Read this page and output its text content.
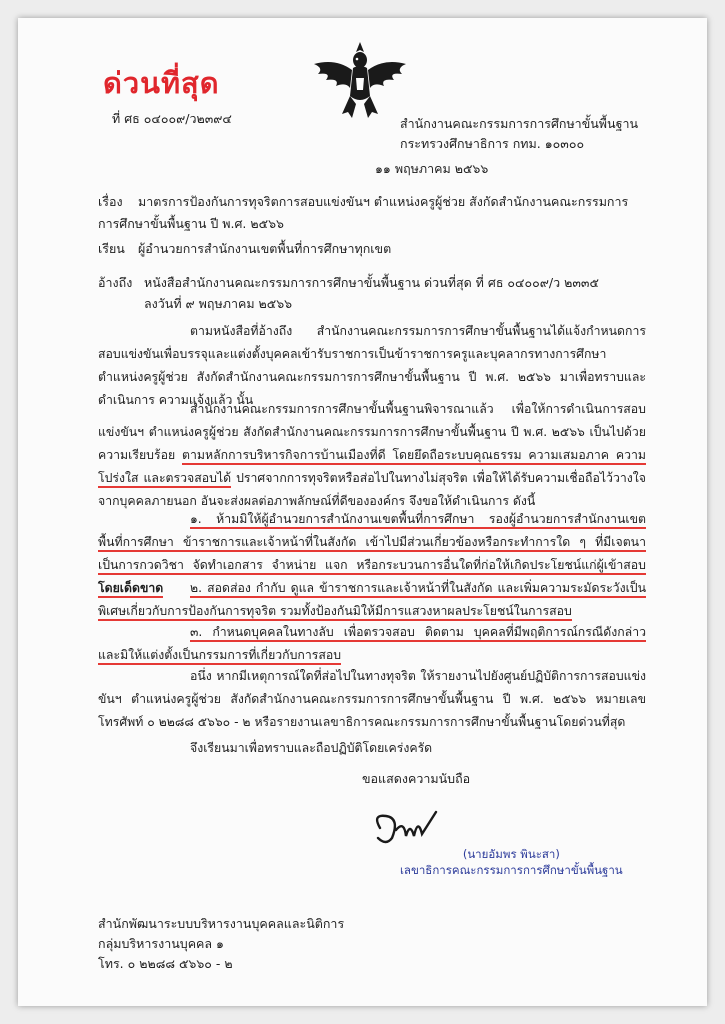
ด่วนที่สุด
ที่ ศธ ๐๔๐๐๙/ว๒๓๙๔	สำนักงานคณะกรรมการการศึกษาขั้นพื้นฐาน
กระทรวงศึกษาธิการ กทม. ๑๐๓๐๐
๑๑ พฤษภาคม ๒๕๖๖
เรื่อง มาตรการป้องกันการทุจริตการสอบแข่งขันฯ ตำแหน่งครูผู้ช่วย สังกัดสำนักงานคณะกรรมการการศึกษาขั้นพื้นฐาน ปี พ.ศ. ๒๕๖๖
เรียน ผู้อำนวยการสำนักงานเขตพื้นที่การศึกษาทุกเขต
อ้างถึง หนังสือสำนักงานคณะกรรมการการศึกษาขั้นพื้นฐาน ด่วนที่สุด ที่ ศธ ๐๔๐๐๙/ว ๒๓๓๕
ลงวันที่ ๙ พฤษภาคม ๒๕๖๖
ตามหนังสือที่อ้างถึง สำนักงานคณะกรรมการการศึกษาขั้นพื้นฐานได้แจ้งกำหนดการสอบแข่งขันเพื่อบรรจุและแต่งตั้งบุคคลเข้ารับราชการเป็นข้าราชการครูและบุคลากรทางการศึกษา ตำแหน่งครูผู้ช่วย สังกัดสำนักงานคณะกรรมการการศึกษาขั้นพื้นฐาน ปี พ.ศ. ๒๕๖๖ มาเพื่อทราบและดำเนินการ ความแจ้งแล้ว นั้น
สำนักงานคณะกรรมการการศึกษาขั้นพื้นฐานพิจารณาแล้ว เพื่อให้การดำเนินการสอบแข่งขันฯ ตำแหน่งครูผู้ช่วย สังกัดสำนักงานคณะกรรมการการศึกษาขั้นพื้นฐาน ปี พ.ศ. ๒๕๖๖ เป็นไปด้วยความเรียบร้อย ตามหลักการบริหารกิจการบ้านเมืองที่ดี โดยยึดถือระบบคุณธรรม ความเสมอภาค ความโปร่งใส และตรวจสอบได้ ปราศจากการทุจริตหรือส่อไปในทางไม่สุจริต เพื่อให้ได้รับความเชื่อถือไว้วางใจจากบุคคลภายนอก อันจะส่งผลต่อภาพลักษณ์ที่ดีขององค์กร จึงขอให้ดำเนินการ ดังนี้
๑. ห้ามมิให้ผู้อำนวยการสำนักงานเขตพื้นที่การศึกษา รองผู้อำนวยการสำนักงานเขตพื้นที่การศึกษา ข้าราชการและเจ้าหน้าที่ในสังกัด เข้าไปมีส่วนเกี่ยวข้องหรือกระทำการใด ๆ ที่มีเจตนาเป็นการกวดวิชา จัดทำเอกสาร จำหน่าย แจก หรือกระบวนการอื่นใดที่ก่อให้เกิดประโยชน์แก่ผู้เข้าสอบ โดยเด็ดขาด	๒. สอดส่อง กำกับ ดูแล ข้าราชการและเจ้าหน้าที่ในสังกัด และเพิ่มความระมัดระวังเป็นพิเศษเกี่ยวกับการป้องกันการทุจริต รวมทั้งป้องกันมิให้มีการแสวงหาผลประโยชน์ในการสอบ
๓. กำหนดบุคคลในทางลับ เพื่อตรวจสอบ ติดตาม บุคคลที่มีพฤติการณ์กรณีดังกล่าว และมิให้แต่งตั้งเป็นกรรมการที่เกี่ยวกับการสอบ
อนึ่ง หากมีเหตุการณ์ใดที่ส่อไปในทางทุจริต ให้รายงานไปยังศูนย์ปฏิบัติการการสอบแข่งขันฯ ตำแหน่งครูผู้ช่วย สังกัดสำนักงานคณะกรรมการการศึกษาขั้นพื้นฐาน ปี พ.ศ. ๒๕๖๖ หมายเลขโทรศัพท์ ๐ ๒๒๘๘ ๕๖๖๐ - ๒ หรือรายงานเลขาธิการคณะกรรมการการศึกษาขั้นพื้นฐานโดยด่วนที่สุด
จึงเรียนมาเพื่อทราบและถือปฏิบัติโดยเคร่งครัด
ขอแสดงความนับถือ
(นายอัมพร พินะสา)
เลขาธิการคณะกรรมการการศึกษาขั้นพื้นฐาน
สำนักพัฒนาระบบบริหารงานบุคคลและนิติการ
กลุ่มบริหารงานบุคคล ๑
โทร. ๐ ๒๒๘๘ ๕๖๖๐ - ๒
